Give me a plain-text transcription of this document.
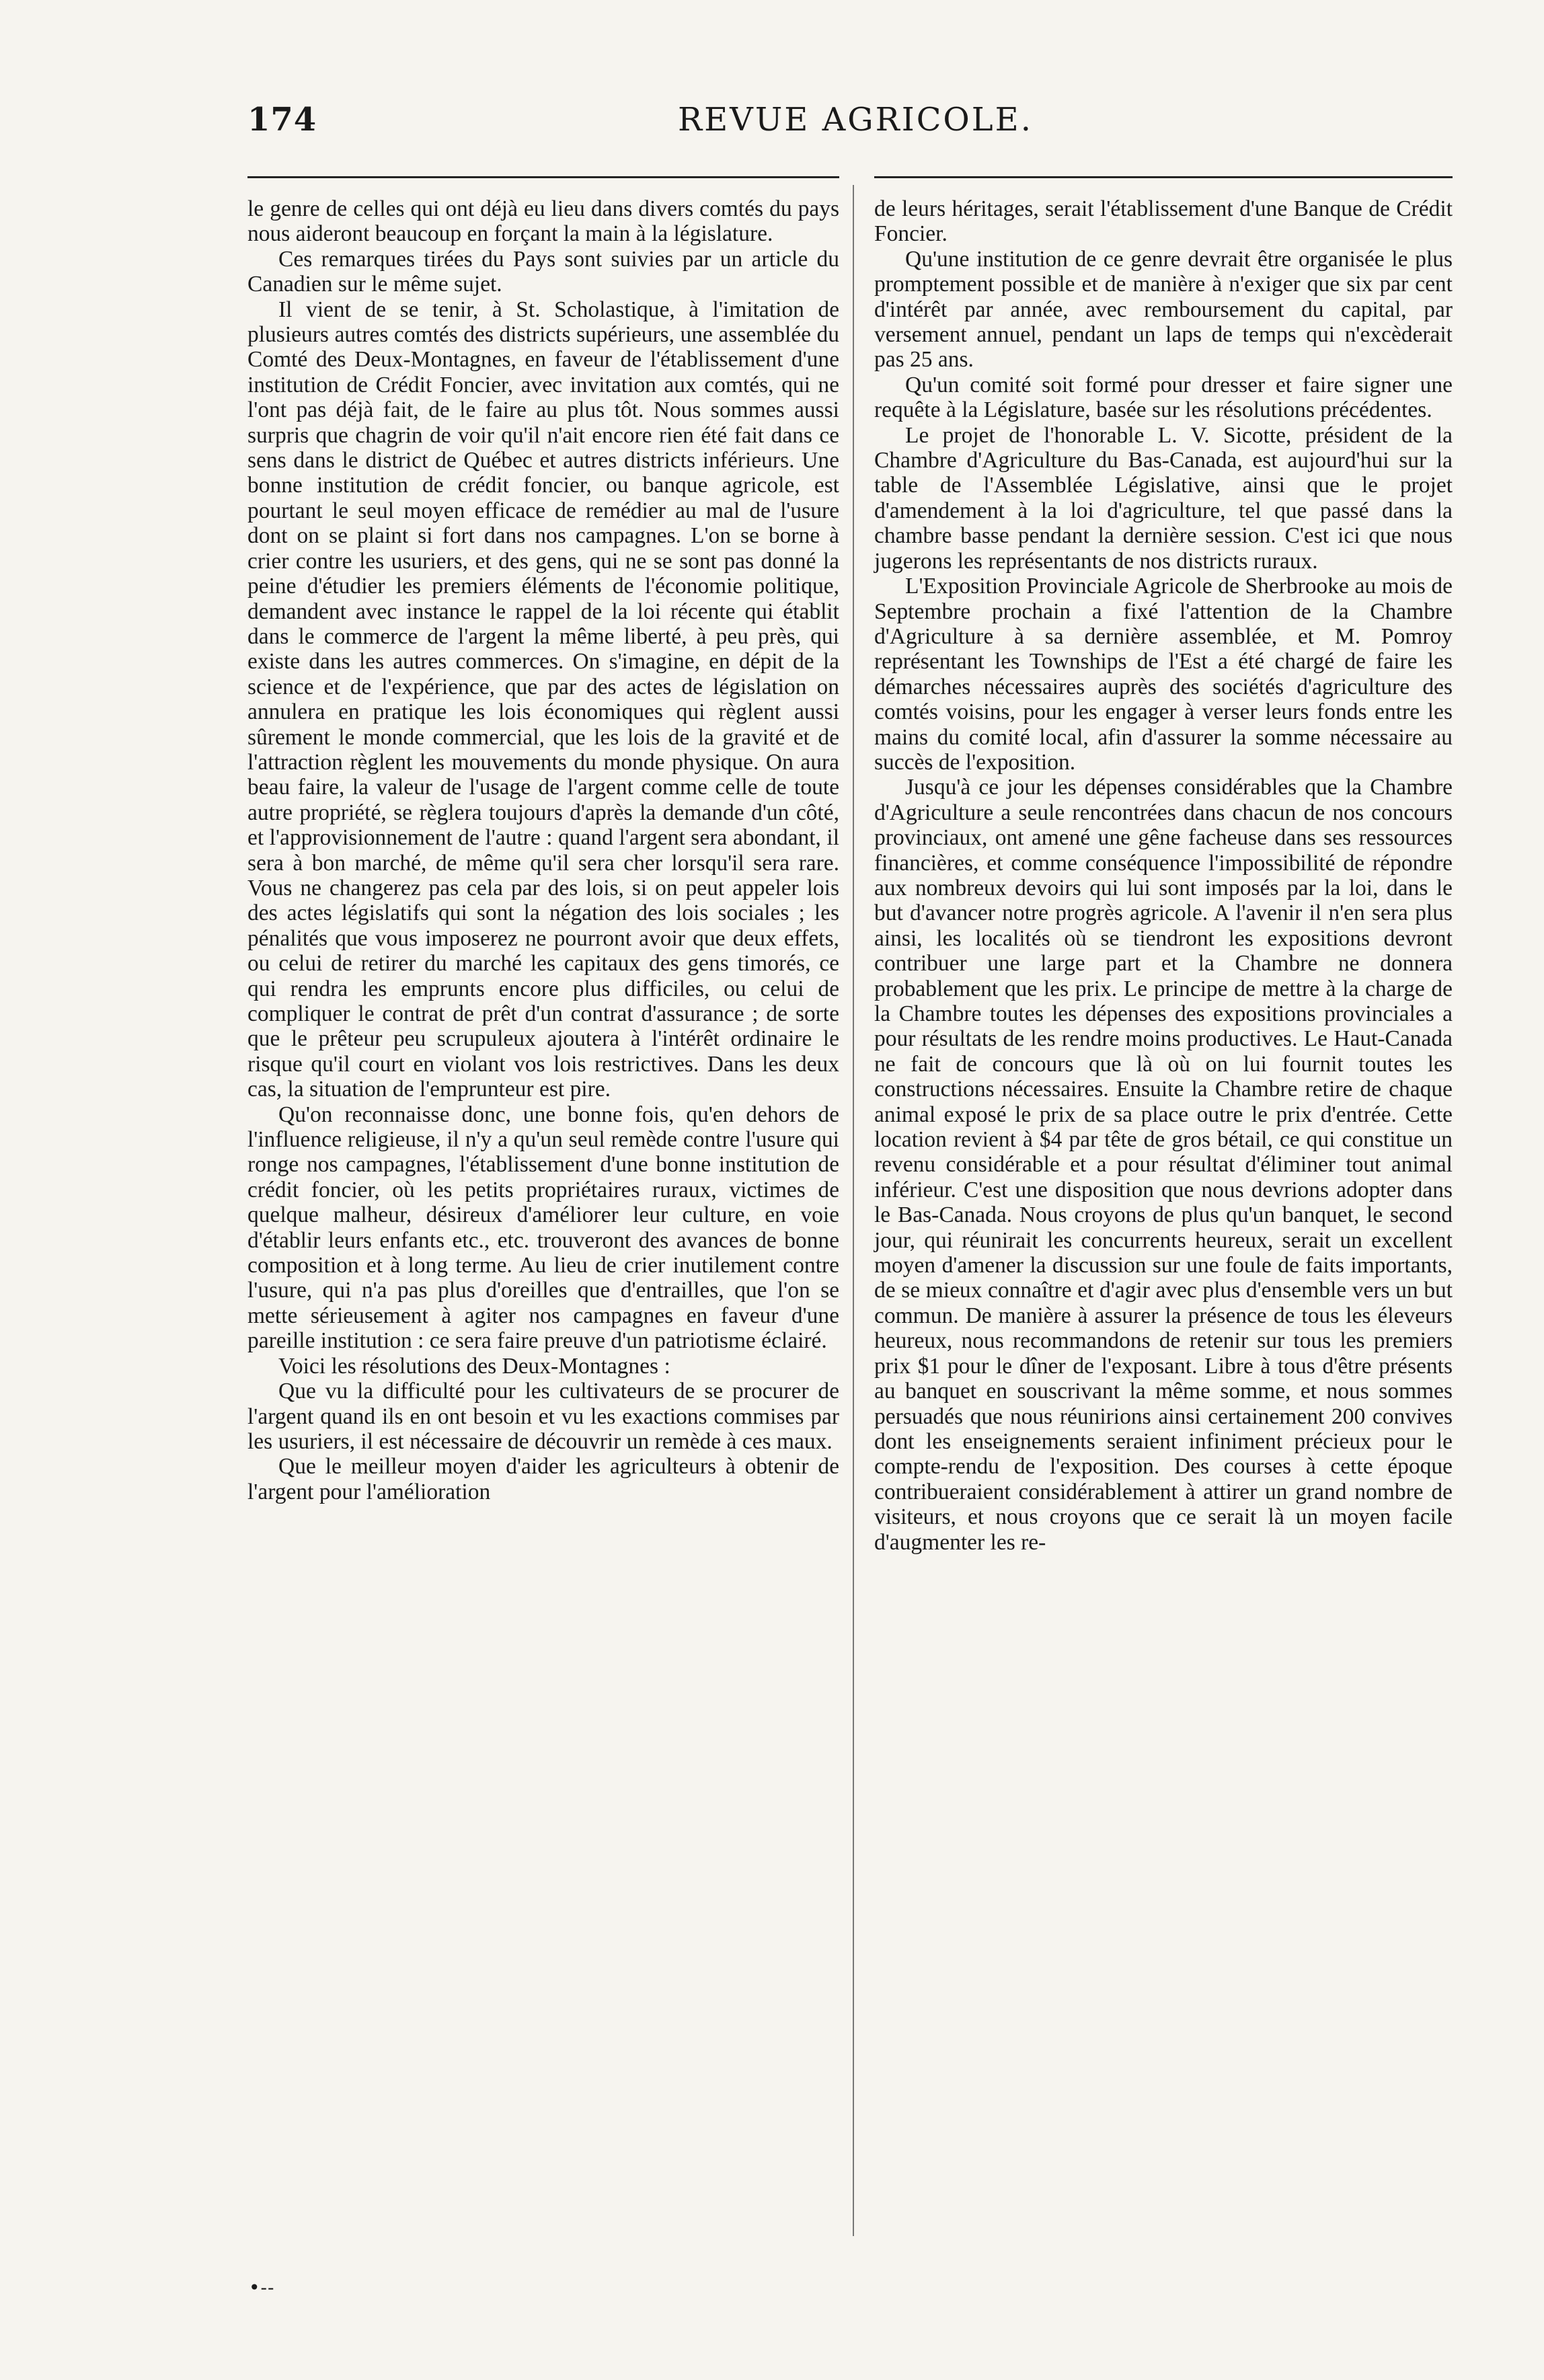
174	REVUE AGRICOLE.

le genre de celles qui ont déjà eu lieu dans divers comtés du pays nous aideront beaucoup en forçant la main à la législature.

Ces remarques tirées du Pays sont suivies par un article du Canadien sur le même sujet.

Il vient de se tenir, à St. Scholastique, à l'imitation de plusieurs autres comtés des districts supérieurs, une assemblée du Comté des Deux-Montagnes, en faveur de l'établissement d'une institution de Crédit Foncier, avec invitation aux comtés, qui ne l'ont pas déjà fait, de le faire au plus tôt. Nous sommes aussi surpris que chagrin de voir qu'il n'ait encore rien été fait dans ce sens dans le district de Québec et autres districts inférieurs. Une bonne institution de crédit foncier, ou banque agricole, est pourtant le seul moyen efficace de remédier au mal de l'usure dont on se plaint si fort dans nos campagnes. L'on se borne à crier contre les usuriers, et des gens, qui ne se sont pas donné la peine d'étudier les premiers éléments de l'économie politique, demandent avec instance le rappel de la loi récente qui établit dans le commerce de l'argent la même liberté, à peu près, qui existe dans les autres commerces. On s'imagine, en dépit de la science et de l'expérience, que par des actes de législation on annulera en pratique les lois économiques qui règlent aussi sûrement le monde commercial, que les lois de la gravité et de l'attraction règlent les mouvements du monde physique. On aura beau faire, la valeur de l'usage de l'argent comme celle de toute autre propriété, se règlera toujours d'après la demande d'un côté, et l'approvisionnement de l'autre : quand l'argent sera abondant, il sera à bon marché, de même qu'il sera cher lorsqu'il sera rare. Vous ne changerez pas cela par des lois, si on peut appeler lois des actes législatifs qui sont la négation des lois sociales ; les pénalités que vous imposerez ne pourront avoir que deux effets, ou celui de retirer du marché les capitaux des gens timorés, ce qui rendra les emprunts encore plus difficiles, ou celui de compliquer le contrat de prêt d'un contrat d'assurance ; de sorte que le prêteur peu scrupuleux ajoutera à l'intérêt ordinaire le risque qu'il court en violant vos lois restrictives. Dans les deux cas, la situation de l'emprunteur est pire.

Qu'on reconnaisse donc, une bonne fois, qu'en dehors de l'influence religieuse, il n'y a qu'un seul remède contre l'usure qui ronge nos campagnes, l'établissement d'une bonne institution de crédit foncier, où les petits propriétaires ruraux, victimes de quelque malheur, désireux d'améliorer leur culture, en voie d'établir leurs enfants etc., etc. trouveront des avances de bonne composition et à long terme. Au lieu de crier inutilement contre l'usure, qui n'a pas plus d'oreilles que d'entrailles, que l'on se mette sérieusement à agiter nos campagnes en faveur d'une pareille institution : ce sera faire preuve d'un patriotisme éclairé.

Voici les résolutions des Deux-Montagnes :

Que vu la difficulté pour les cultivateurs de se procurer de l'argent quand ils en ont besoin et vu les exactions commises par les usuriers, il est nécessaire de découvrir un remède à ces maux.

Que le meilleur moyen d'aider les agriculteurs à obtenir de l'argent pour l'amélioration

de leurs héritages, serait l'établissement d'une Banque de Crédit Foncier.

Qu'une institution de ce genre devrait être organisée le plus promptement possible et de manière à n'exiger que six par cent d'intérêt par année, avec remboursement du capital, par versement annuel, pendant un laps de temps qui n'excèderait pas 25 ans.

Qu'un comité soit formé pour dresser et faire signer une requête à la Législature, basée sur les résolutions précédentes.

Le projet de l'honorable L. V. Sicotte, président de la Chambre d'Agriculture du Bas-Canada, est aujourd'hui sur la table de l'Assemblée Législative, ainsi que le projet d'amendement à la loi d'agriculture, tel que passé dans la chambre basse pendant la dernière session. C'est ici que nous jugerons les représentants de nos districts ruraux.

L'Exposition Provinciale Agricole de Sherbrooke au mois de Septembre prochain a fixé l'attention de la Chambre d'Agriculture à sa dernière assemblée, et M. Pomroy représentant les Townships de l'Est a été chargé de faire les démarches nécessaires auprès des sociétés d'agriculture des comtés voisins, pour les engager à verser leurs fonds entre les mains du comité local, afin d'assurer la somme nécessaire au succès de l'exposition.

Jusqu'à ce jour les dépenses considérables que la Chambre d'Agriculture a seule rencontrées dans chacun de nos concours provinciaux, ont amené une gêne facheuse dans ses ressources financières, et comme conséquence l'impossibilité de répondre aux nombreux devoirs qui lui sont imposés par la loi, dans le but d'avancer notre progrès agricole. A l'avenir il n'en sera plus ainsi, les localités où se tiendront les expositions devront contribuer une large part et la Chambre ne donnera probablement que les prix. Le principe de mettre à la charge de la Chambre toutes les dépenses des expositions provinciales a pour résultats de les rendre moins productives. Le Haut-Canada ne fait de concours que là où on lui fournit toutes les constructions nécessaires. Ensuite la Chambre retire de chaque animal exposé le prix de sa place outre le prix d'entrée. Cette location revient à $4 par tête de gros bétail, ce qui constitue un revenu considérable et a pour résultat d'éliminer tout animal inférieur. C'est une disposition que nous devrions adopter dans le Bas-Canada. Nous croyons de plus qu'un banquet, le second jour, qui réunirait les concurrents heureux, serait un excellent moyen d'amener la discussion sur une foule de faits importants, de se mieux connaître et d'agir avec plus d'ensemble vers un but commun. De manière à assurer la présence de tous les éleveurs heureux, nous recommandons de retenir sur tous les premiers prix $1 pour le dîner de l'exposant. Libre à tous d'être présents au banquet en souscrivant la même somme, et nous sommes persuadés que nous réunirions ainsi certainement 200 convives dont les enseignements seraient infiniment précieux pour le compte-rendu de l'exposition. Des courses à cette époque contribueraient considérablement à attirer un grand nombre de visiteurs, et nous croyons que ce serait là un moyen facile d'augmenter les re-

•--
